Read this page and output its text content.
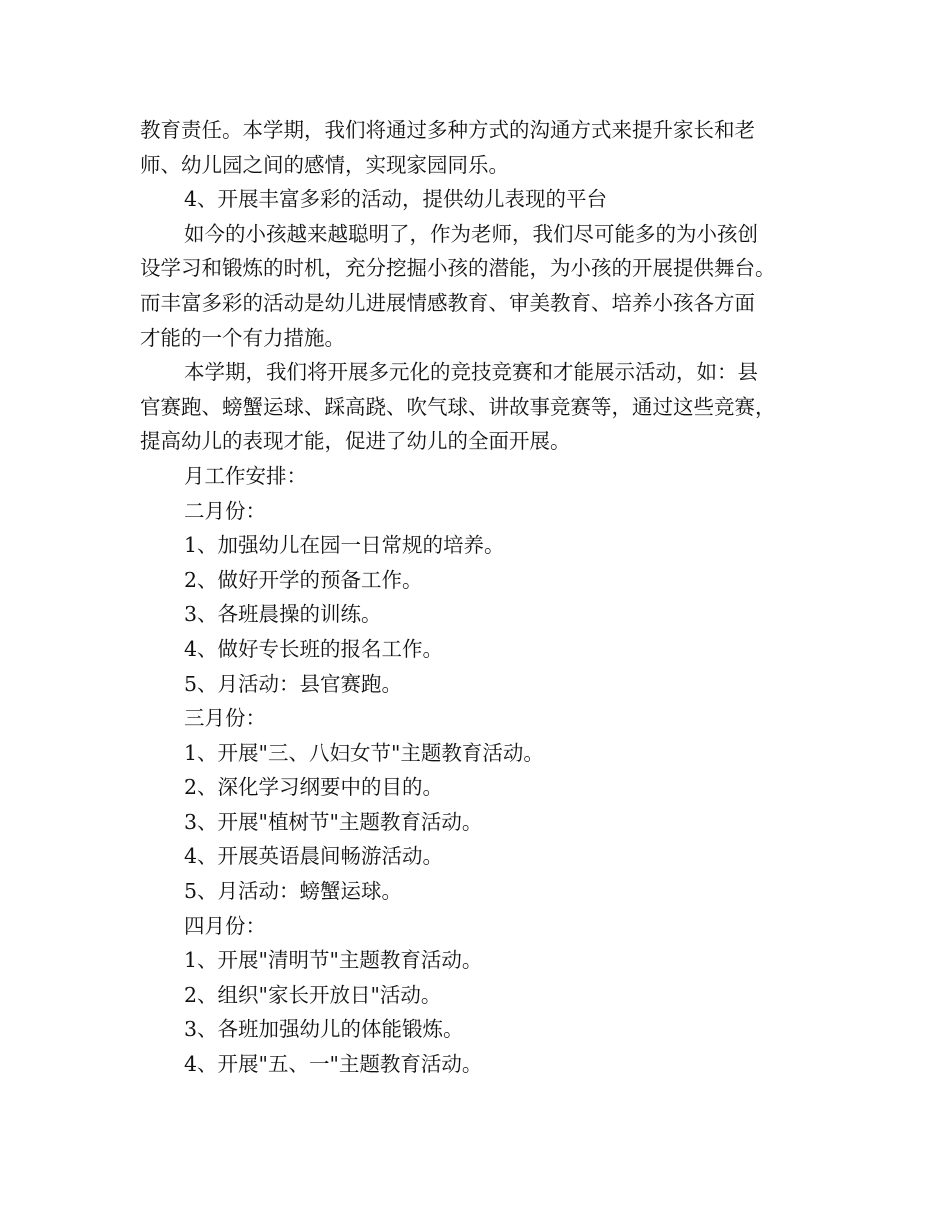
教育责任。本学期，我们将通过多种方式的沟通方式来提升家长和老
师、幼儿园之间的感情，实现家园同乐。
4、开展丰富多彩的活动，提供幼儿表现的平台
如今的小孩越来越聪明了，作为老师，我们尽可能多的为小孩创
设学习和锻炼的时机，充分挖掘小孩的潜能，为小孩的开展提供舞台。
而丰富多彩的活动是幼儿进展情感教育、审美教育、培养小孩各方面
才能的一个有力措施。
本学期，我们将开展多元化的竞技竞赛和才能展示活动，如：县
官赛跑、螃蟹运球、踩高跷、吹气球、讲故事竞赛等，通过这些竞赛，
提高幼儿的表现才能，促进了幼儿的全面开展。
月工作安排：
二月份：
1、加强幼儿在园一日常规的培养。
2、做好开学的预备工作。
3、各班晨操的训练。
4、做好专长班的报名工作。
5、月活动：县官赛跑。
三月份：
1、开展"三、八妇女节"主题教育活动。
2、深化学习纲要中的目的。
3、开展"植树节"主题教育活动。
4、开展英语晨间畅游活动。
5、月活动：螃蟹运球。
四月份：
1、开展"清明节"主题教育活动。
2、组织"家长开放日"活动。
3、各班加强幼儿的体能锻炼。
4、开展"五、一"主题教育活动。
